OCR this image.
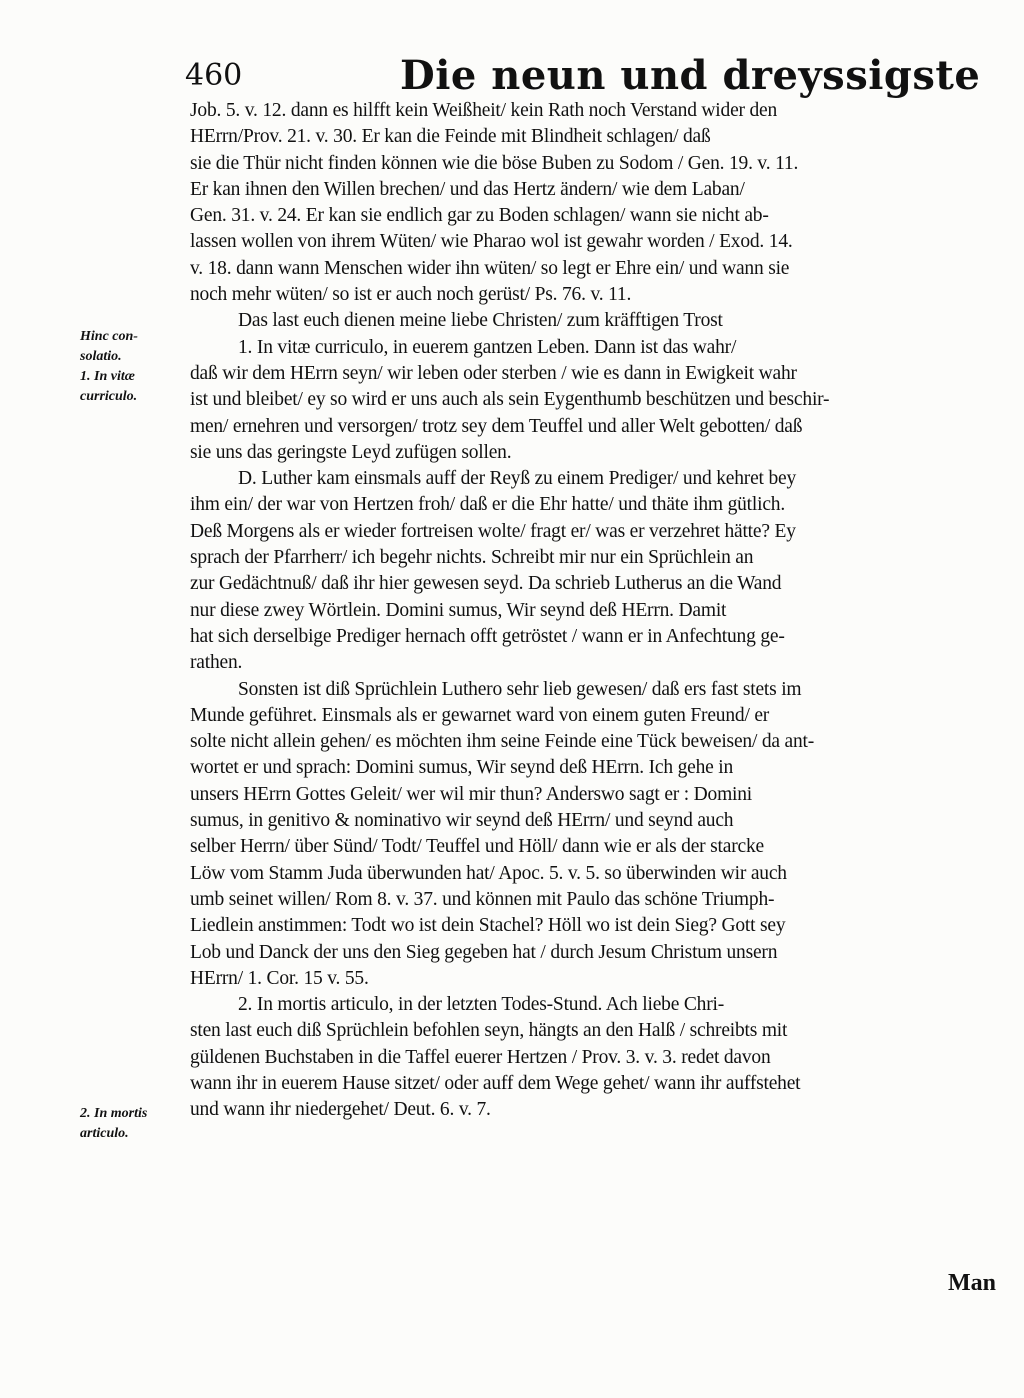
460	Die neun und dreyssigste
Hinc con-
solatio.
1. In vitæ
curriculo.
2. In mortis
articulo.
Job. 5. v. 12. dann es hilfft kein Weißheit/ kein Rath noch Verstand wider den
HErrn/Prov. 21. v. 30. Er kan die Feinde mit Blindheit schlagen/ daß
sie die Thür nicht finden können wie die böse Buben zu Sodom / Gen. 19. v. 11.
Er kan ihnen den Willen brechen/ und das Hertz ändern/ wie dem Laban/
Gen. 31. v. 24. Er kan sie endlich gar zu Boden schlagen/ wann sie nicht ab-
lassen wollen von ihrem Wüten/ wie Pharao wol ist gewahr worden / Exod. 14.
v. 18. dann wann Menschen wider ihn wüten/ so legt er Ehre ein/ und wann sie
noch mehr wüten/ so ist er auch noch gerüst/ Ps. 76. v. 11.
Das last euch dienen meine liebe Christen/ zum kräfftigen Trost
1. In vitæ curriculo, in euerem gantzen Leben. Dann ist das wahr/
daß wir dem HErrn seyn/ wir leben oder sterben / wie es dann in Ewigkeit wahr
ist und bleibet/ ey so wird er uns auch als sein Eygenthumb beschützen und beschir-
men/ ernehren und versorgen/ trotz sey dem Teuffel und aller Welt gebotten/ daß
sie uns das geringste Leyd zufügen sollen.
D. Luther kam einsmals auff der Reyß zu einem Prediger/ und kehret bey
ihm ein/ der war von Hertzen froh/ daß er die Ehr hatte/ und thäte ihm gütlich.
Deß Morgens als er wieder fortreisen wolte/ fragt er/ was er verzehret hätte? Ey
sprach der Pfarrherr/ ich begehr nichts. Schreibt mir nur ein Sprüchlein an
zur Gedächtnuß/ daß ihr hier gewesen seyd. Da schrieb Lutherus an die Wand
nur diese zwey Wörtlein. Domini sumus, Wir seynd deß HErrn. Damit
hat sich derselbige Prediger hernach offt getröstet / wann er in Anfechtung ge-
rathen.
Sonsten ist diß Sprüchlein Luthero sehr lieb gewesen/ daß ers fast stets im
Munde geführet. Einsmals als er gewarnet ward von einem guten Freund/ er
solte nicht allein gehen/ es möchten ihm seine Feinde eine Tück beweisen/ da ant-
wortet er und sprach: Domini sumus, Wir seynd deß HErrn. Ich gehe in
unsers HErrn Gottes Geleit/ wer wil mir thun? Anderswo sagt er : Domini
sumus, in genitivo & nominativo wir seynd deß HErrn/ und seynd auch
selber Herrn/ über Sünd/ Todt/ Teuffel und Höll/ dann wie er als der starcke
Löw vom Stamm Juda überwunden hat/ Apoc. 5. v. 5. so überwinden wir auch
umb seinet willen/ Rom 8. v. 37. und können mit Paulo das schöne Triumph-
Liedlein anstimmen: Todt wo ist dein Stachel? Höll wo ist dein Sieg? Gott sey
Lob und Danck der uns den Sieg gegeben hat / durch Jesum Christum unsern
HErrn/ 1. Cor. 15 v. 55.
2. In mortis articulo, in der letzten Todes-Stund. Ach liebe Chri-
sten last euch diß Sprüchlein befohlen seyn, hängts an den Halß / schreibts mit
güldenen Buchstaben in die Taffel euerer Hertzen / Prov. 3. v. 3. redet davon
wann ihr in euerem Hause sitzet/ oder auff dem Wege gehet/ wann ihr auffstehet
und wann ihr niedergehet/ Deut. 6. v. 7.
Man
